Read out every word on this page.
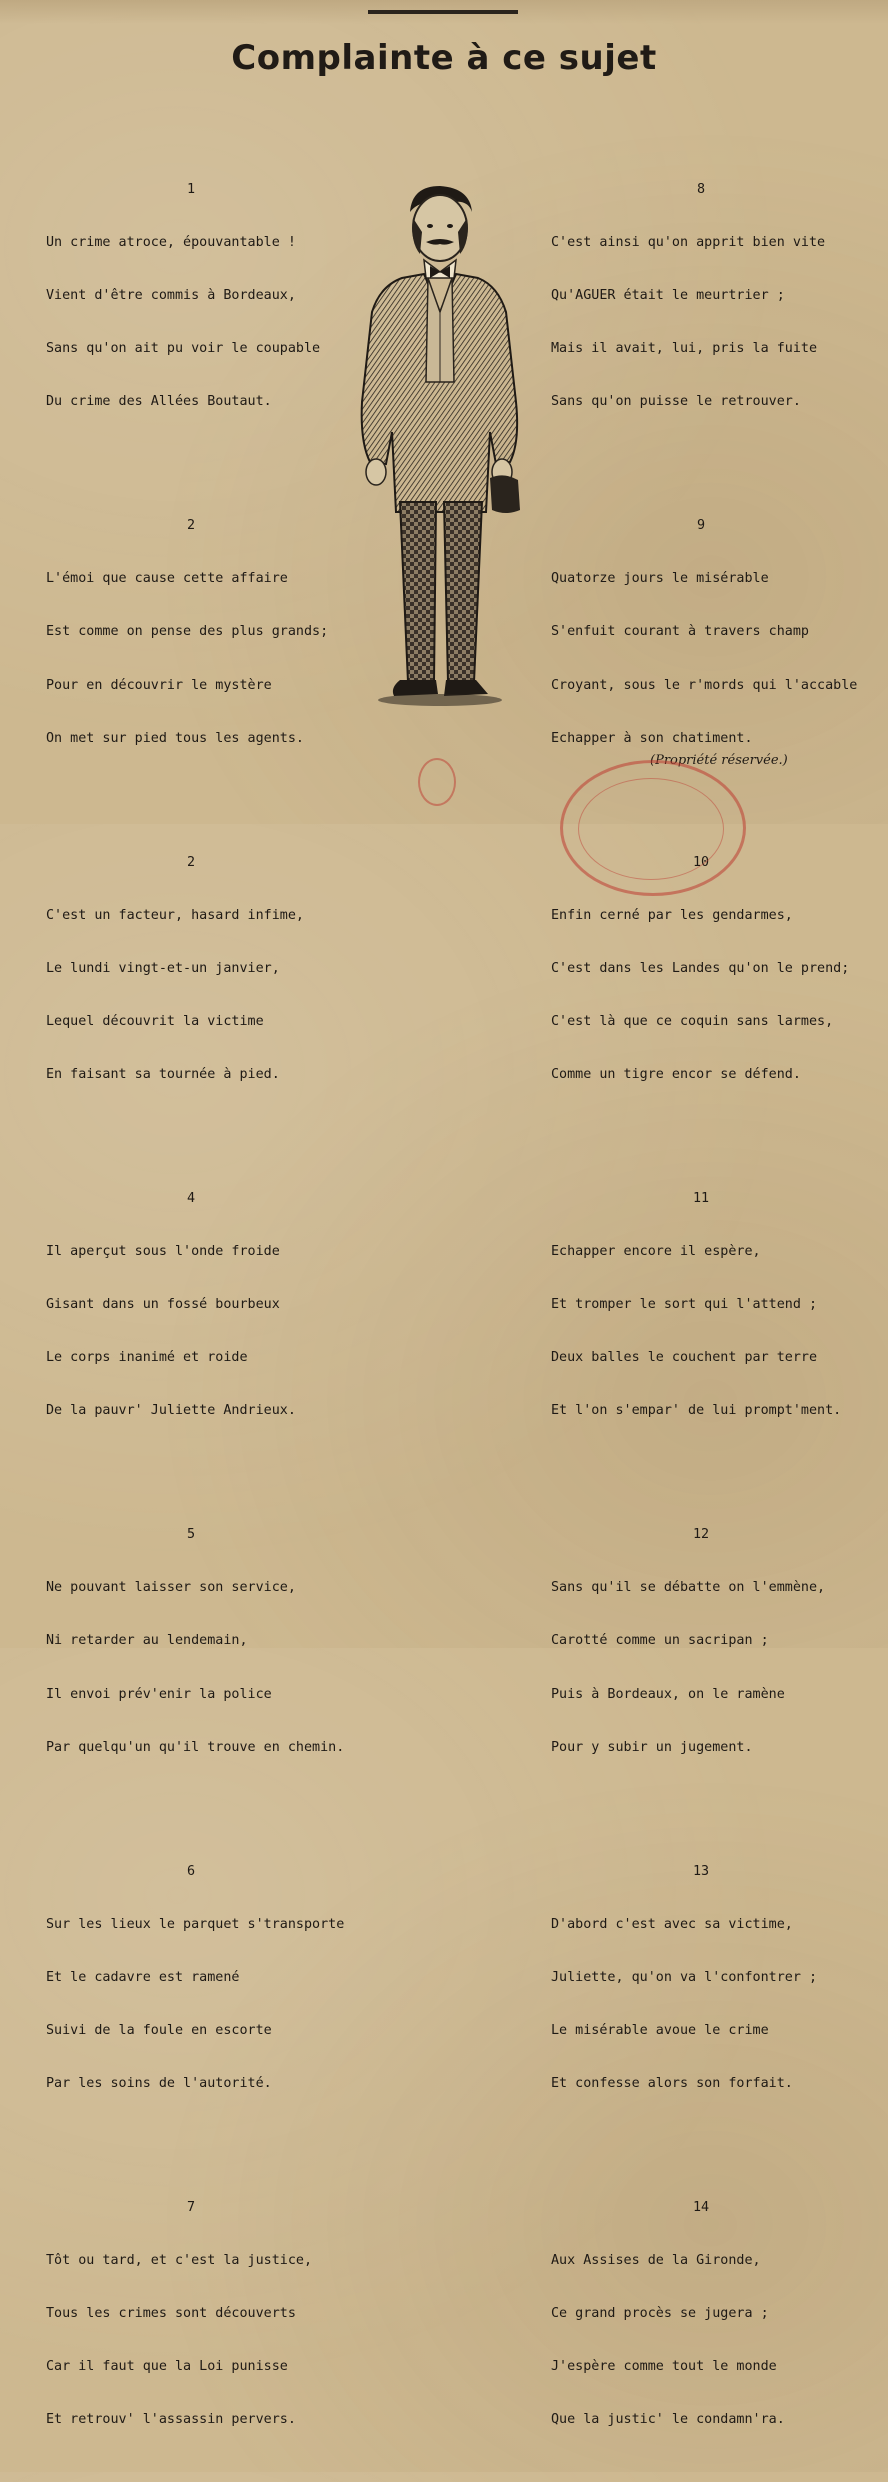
Complainte à ce sujet

1

Un crime atroce, épouvantable !

Vient d'être commis à Bordeaux,

Sans qu'on ait pu voir le coupable

Du crime des Allées Boutaut.

2

L'émoi que cause cette affaire

Est comme on pense des plus grands;

Pour en découvrir le mystère

On met sur pied tous les agents.

2

C'est un facteur, hasard infime,

Le lundi vingt-et-un janvier,

Lequel découvrit la victime

En faisant sa tournée à pied.

4

Il aperçut sous l'onde froide

Gisant dans un fossé bourbeux

Le corps inanimé et roide

De la pauvr' Juliette Andrieux.

5

Ne pouvant laisser son service,

Ni retarder au lendemain,

Il envoi prév'enir la police

Par quelqu'un qu'il trouve en chemin.

6

Sur les lieux le parquet s'transporte

Et le cadavre est ramené

Suivi de la foule en escorte

Par les soins de l'autorité.

7

Tôt ou tard, et c'est la justice,

Tous les crimes sont découverts

Car il faut que la Loi punisse

Et retrouv' l'assassin pervers.

8

C'est ainsi qu'on apprit bien vite

Qu'AGUER était le meurtrier ;

Mais il avait, lui, pris la fuite

Sans qu'on puisse le retrouver.

9

Quatorze jours le misérable

S'enfuit courant à travers champ

Croyant, sous le r'mords qui l'accable

Echapper à son chatiment.

10

Enfin cerné par les gendarmes,

C'est dans les Landes qu'on le prend;

C'est là que ce coquin sans larmes,

Comme un tigre encor se défend.

11

Echapper encore il espère,

Et tromper le sort qui l'attend ;

Deux balles le couchent par terre

Et l'on s'empar' de lui prompt'ment.

12

Sans qu'il se débatte on l'emmène,

Carotté comme un sacripan ;

Puis à Bordeaux, on le ramène

Pour y subir un jugement.

13

D'abord c'est avec sa victime,

Juliette, qu'on va l'confontrer ;

Le misérable avoue le crime

Et confesse alors son forfait.

14

Aux Assises de la Gironde,

Ce grand procès se jugera ;

J'espère comme tout le monde

Que la justic' le condamn'ra.

(Propriété réservée.)
